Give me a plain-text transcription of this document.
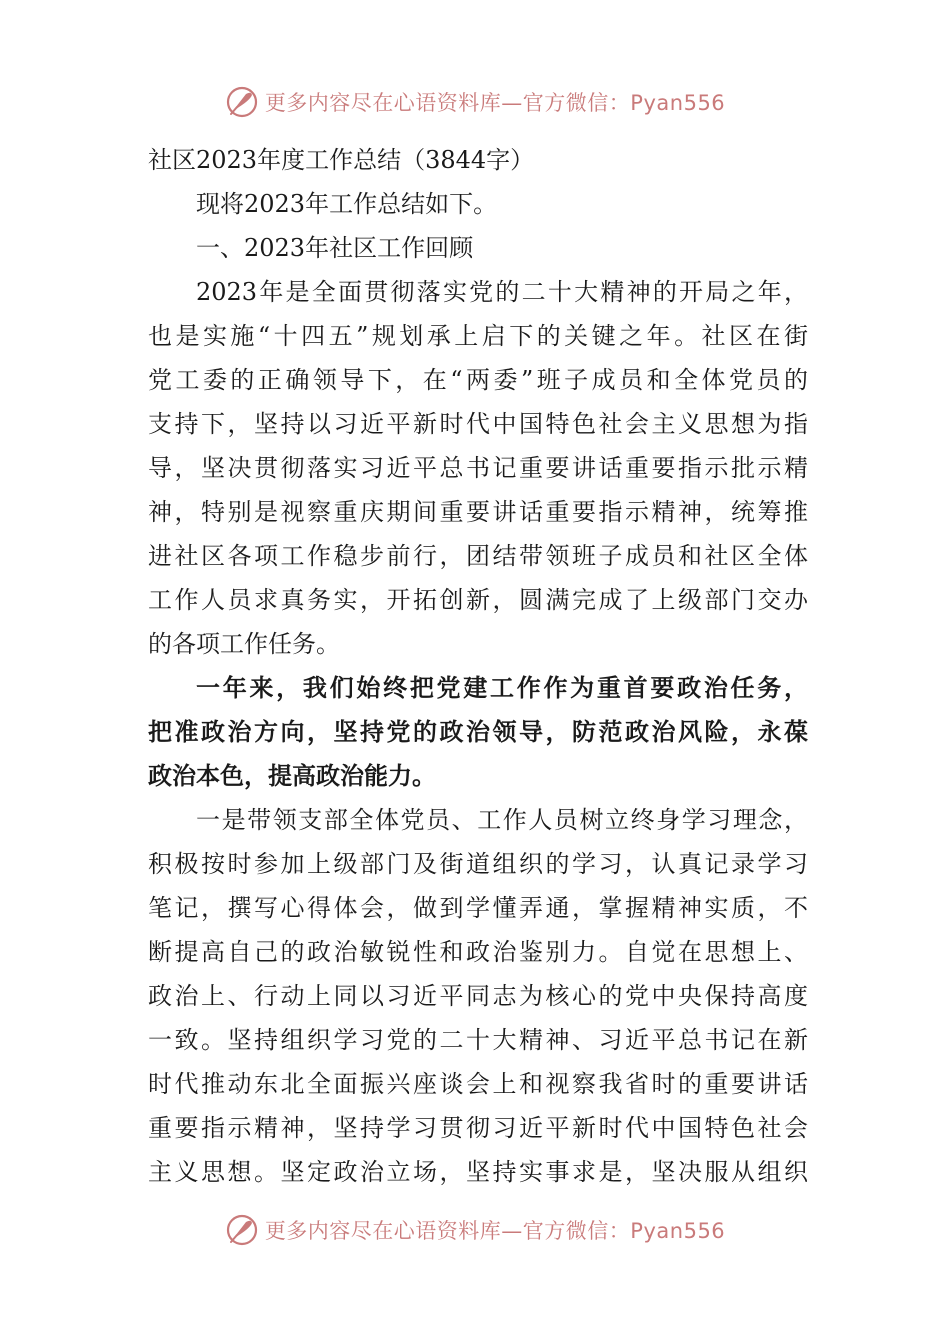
更多内容尽在心语资料库—官方微信：Pyan556
社区2023年度工作总结（3844字）
现将2023年工作总结如下。
一、2023年社区工作回顾
2023年是全面贯彻落实党的二十大精神的开局之年，
也是实施“十四五”规划承上启下的关键之年。社区在街
党工委的正确领导下，在“两委”班子成员和全体党员的
支持下，坚持以习近平新时代中国特色社会主义思想为指
导，坚决贯彻落实习近平总书记重要讲话重要指示批示精
神，特别是视察重庆期间重要讲话重要指示精神，统筹推
进社区各项工作稳步前行，团结带领班子成员和社区全体
工作人员求真务实，开拓创新，圆满完成了上级部门交办
的各项工作任务。
一年来，我们始终把党建工作作为重首要政治任务，
把准政治方向，坚持党的政治领导，防范政治风险，永葆
政治本色，提高政治能力。
一是带领支部全体党员、工作人员树立终身学习理念，
积极按时参加上级部门及街道组织的学习，认真记录学习
笔记，撰写心得体会，做到学懂弄通，掌握精神实质，不
断提高自己的政治敏锐性和政治鉴别力。自觉在思想上、
政治上、行动上同以习近平同志为核心的党中央保持高度
一致。坚持组织学习党的二十大精神、习近平总书记在新
时代推动东北全面振兴座谈会上和视察我省时的重要讲话
重要指示精神，坚持学习贯彻习近平新时代中国特色社会
主义思想。坚定政治立场，坚持实事求是，坚决服从组织
更多内容尽在心语资料库—官方微信：Pyan556
